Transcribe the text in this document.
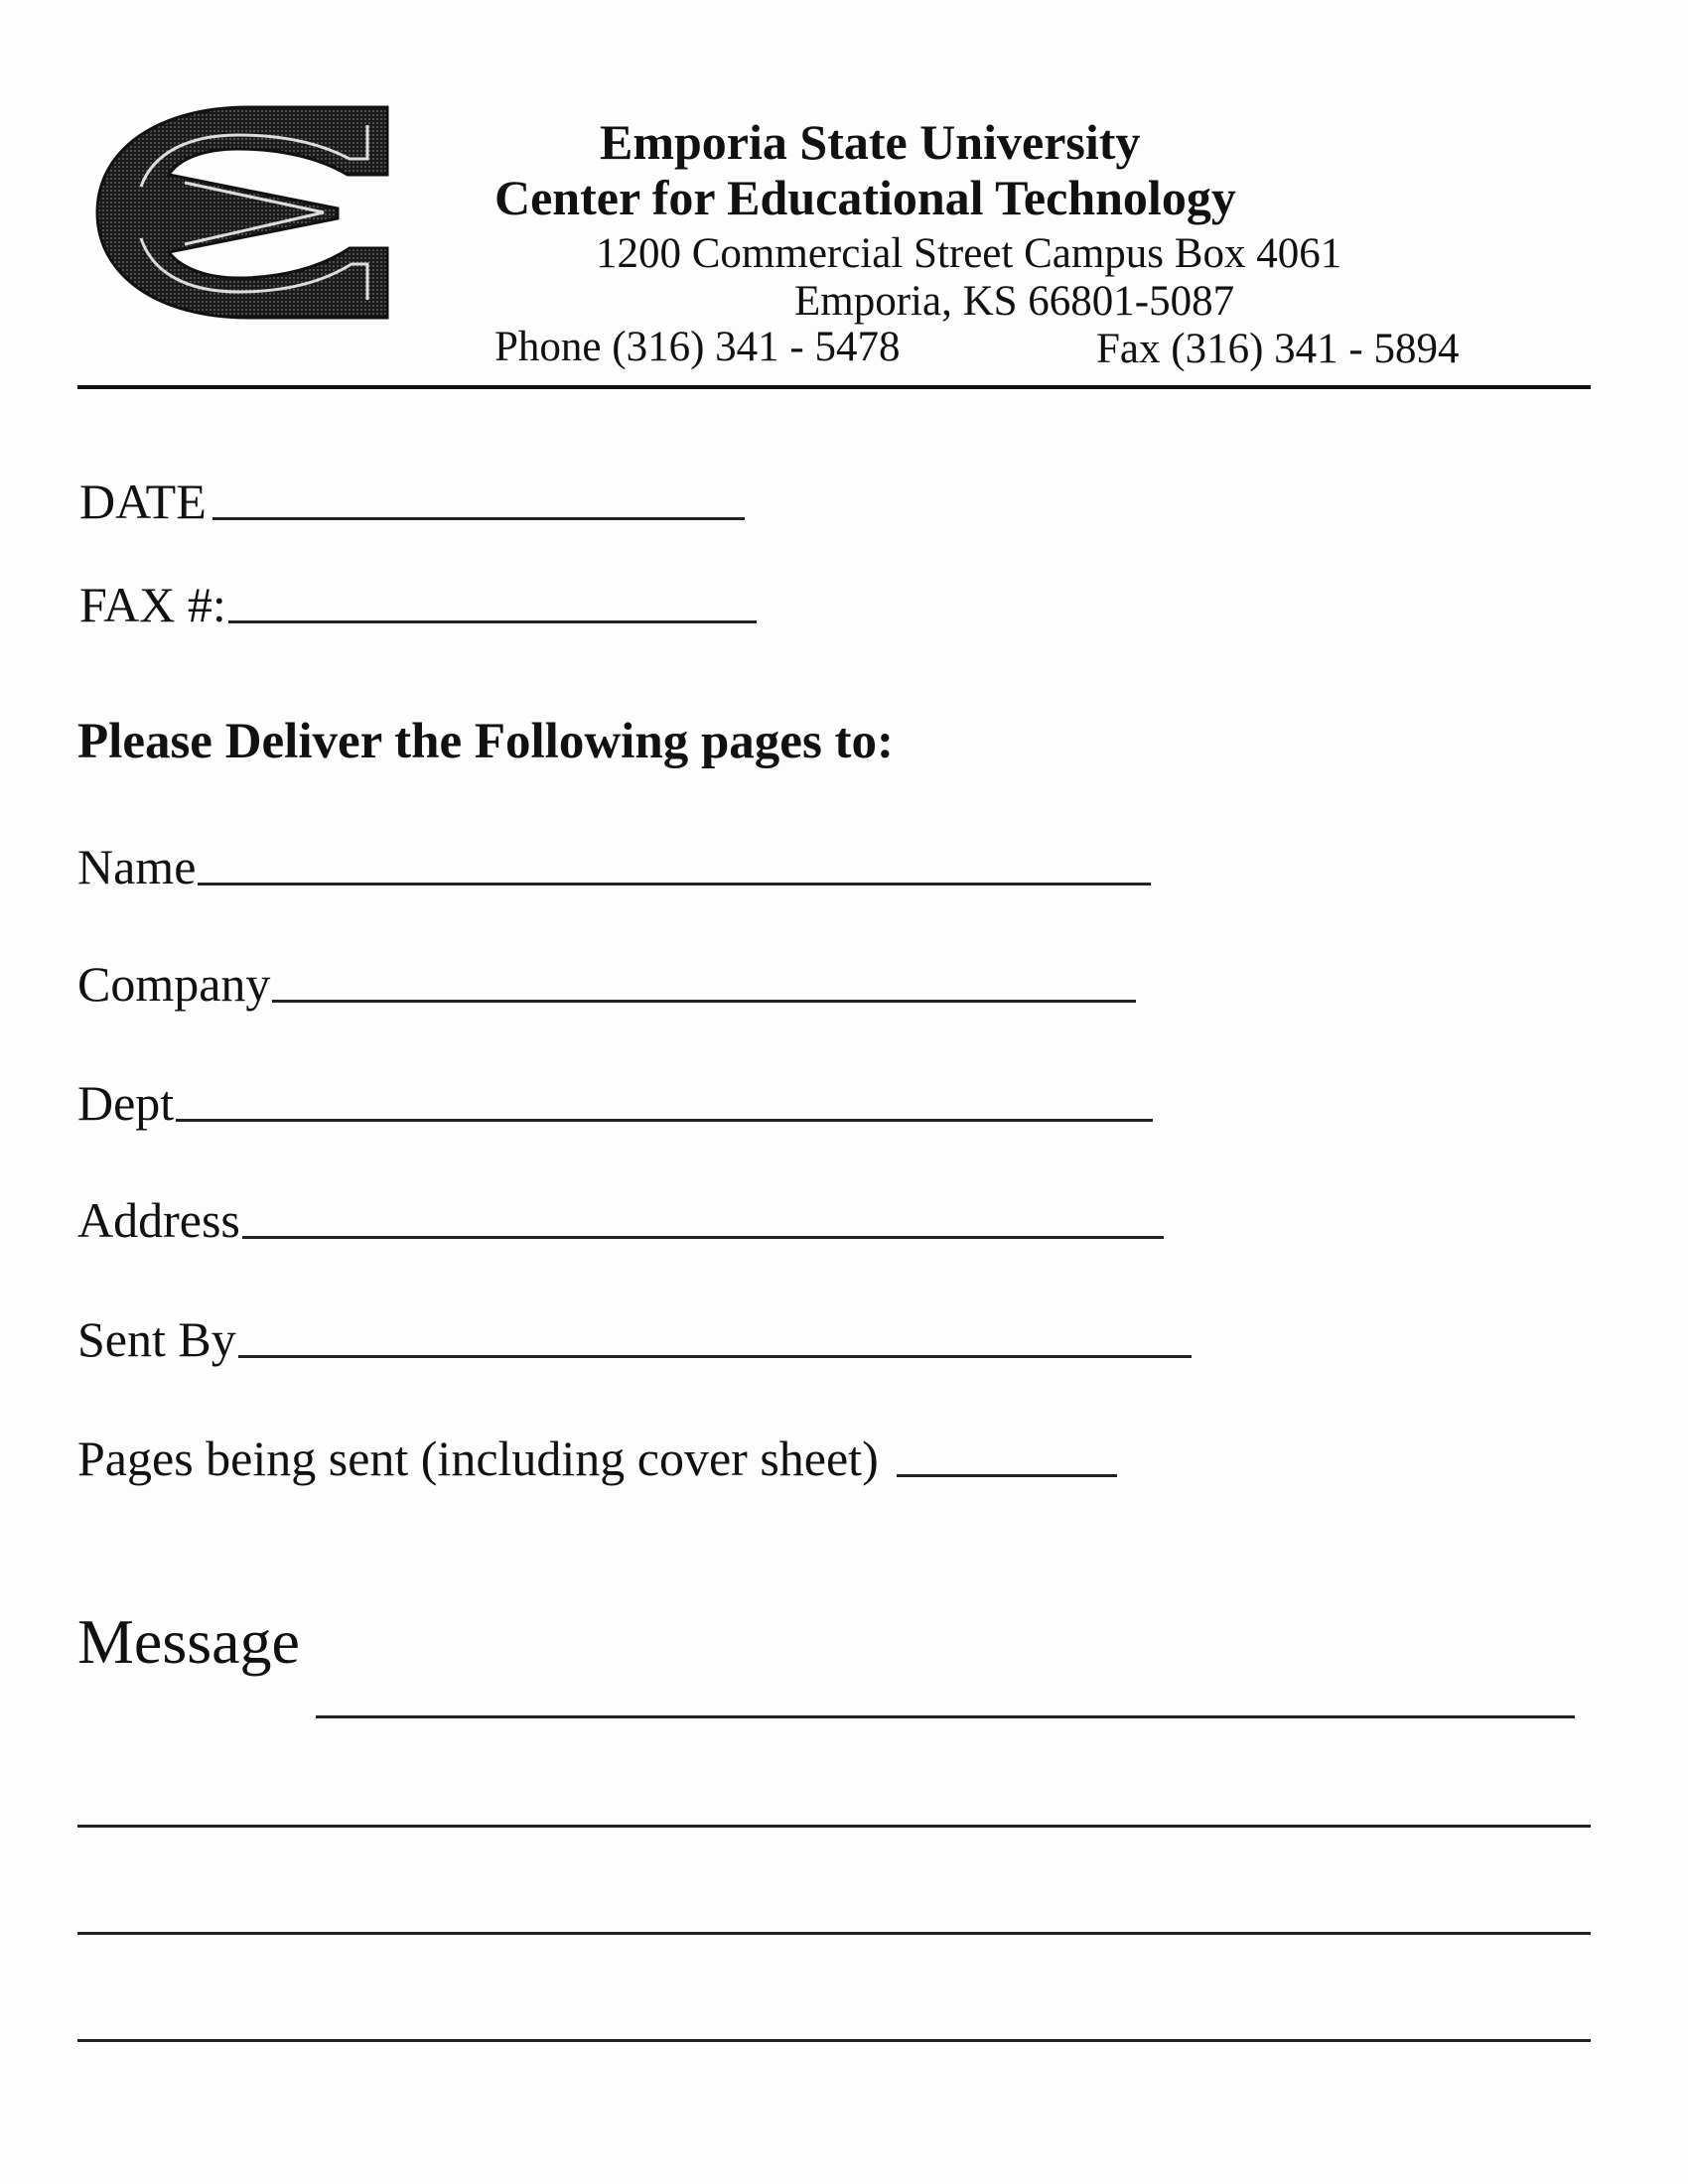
Emporia State University
Center for Educational Technology
1200 Commercial Street Campus Box 4061
Emporia, KS 66801-5087
Phone (316) 341 - 5478	Fax (316) 341 - 5894
DATE
FAX #:
Please Deliver the Following pages to:
Name
Company
Dept
Address
Sent By
Pages being sent (including cover sheet)
Message
